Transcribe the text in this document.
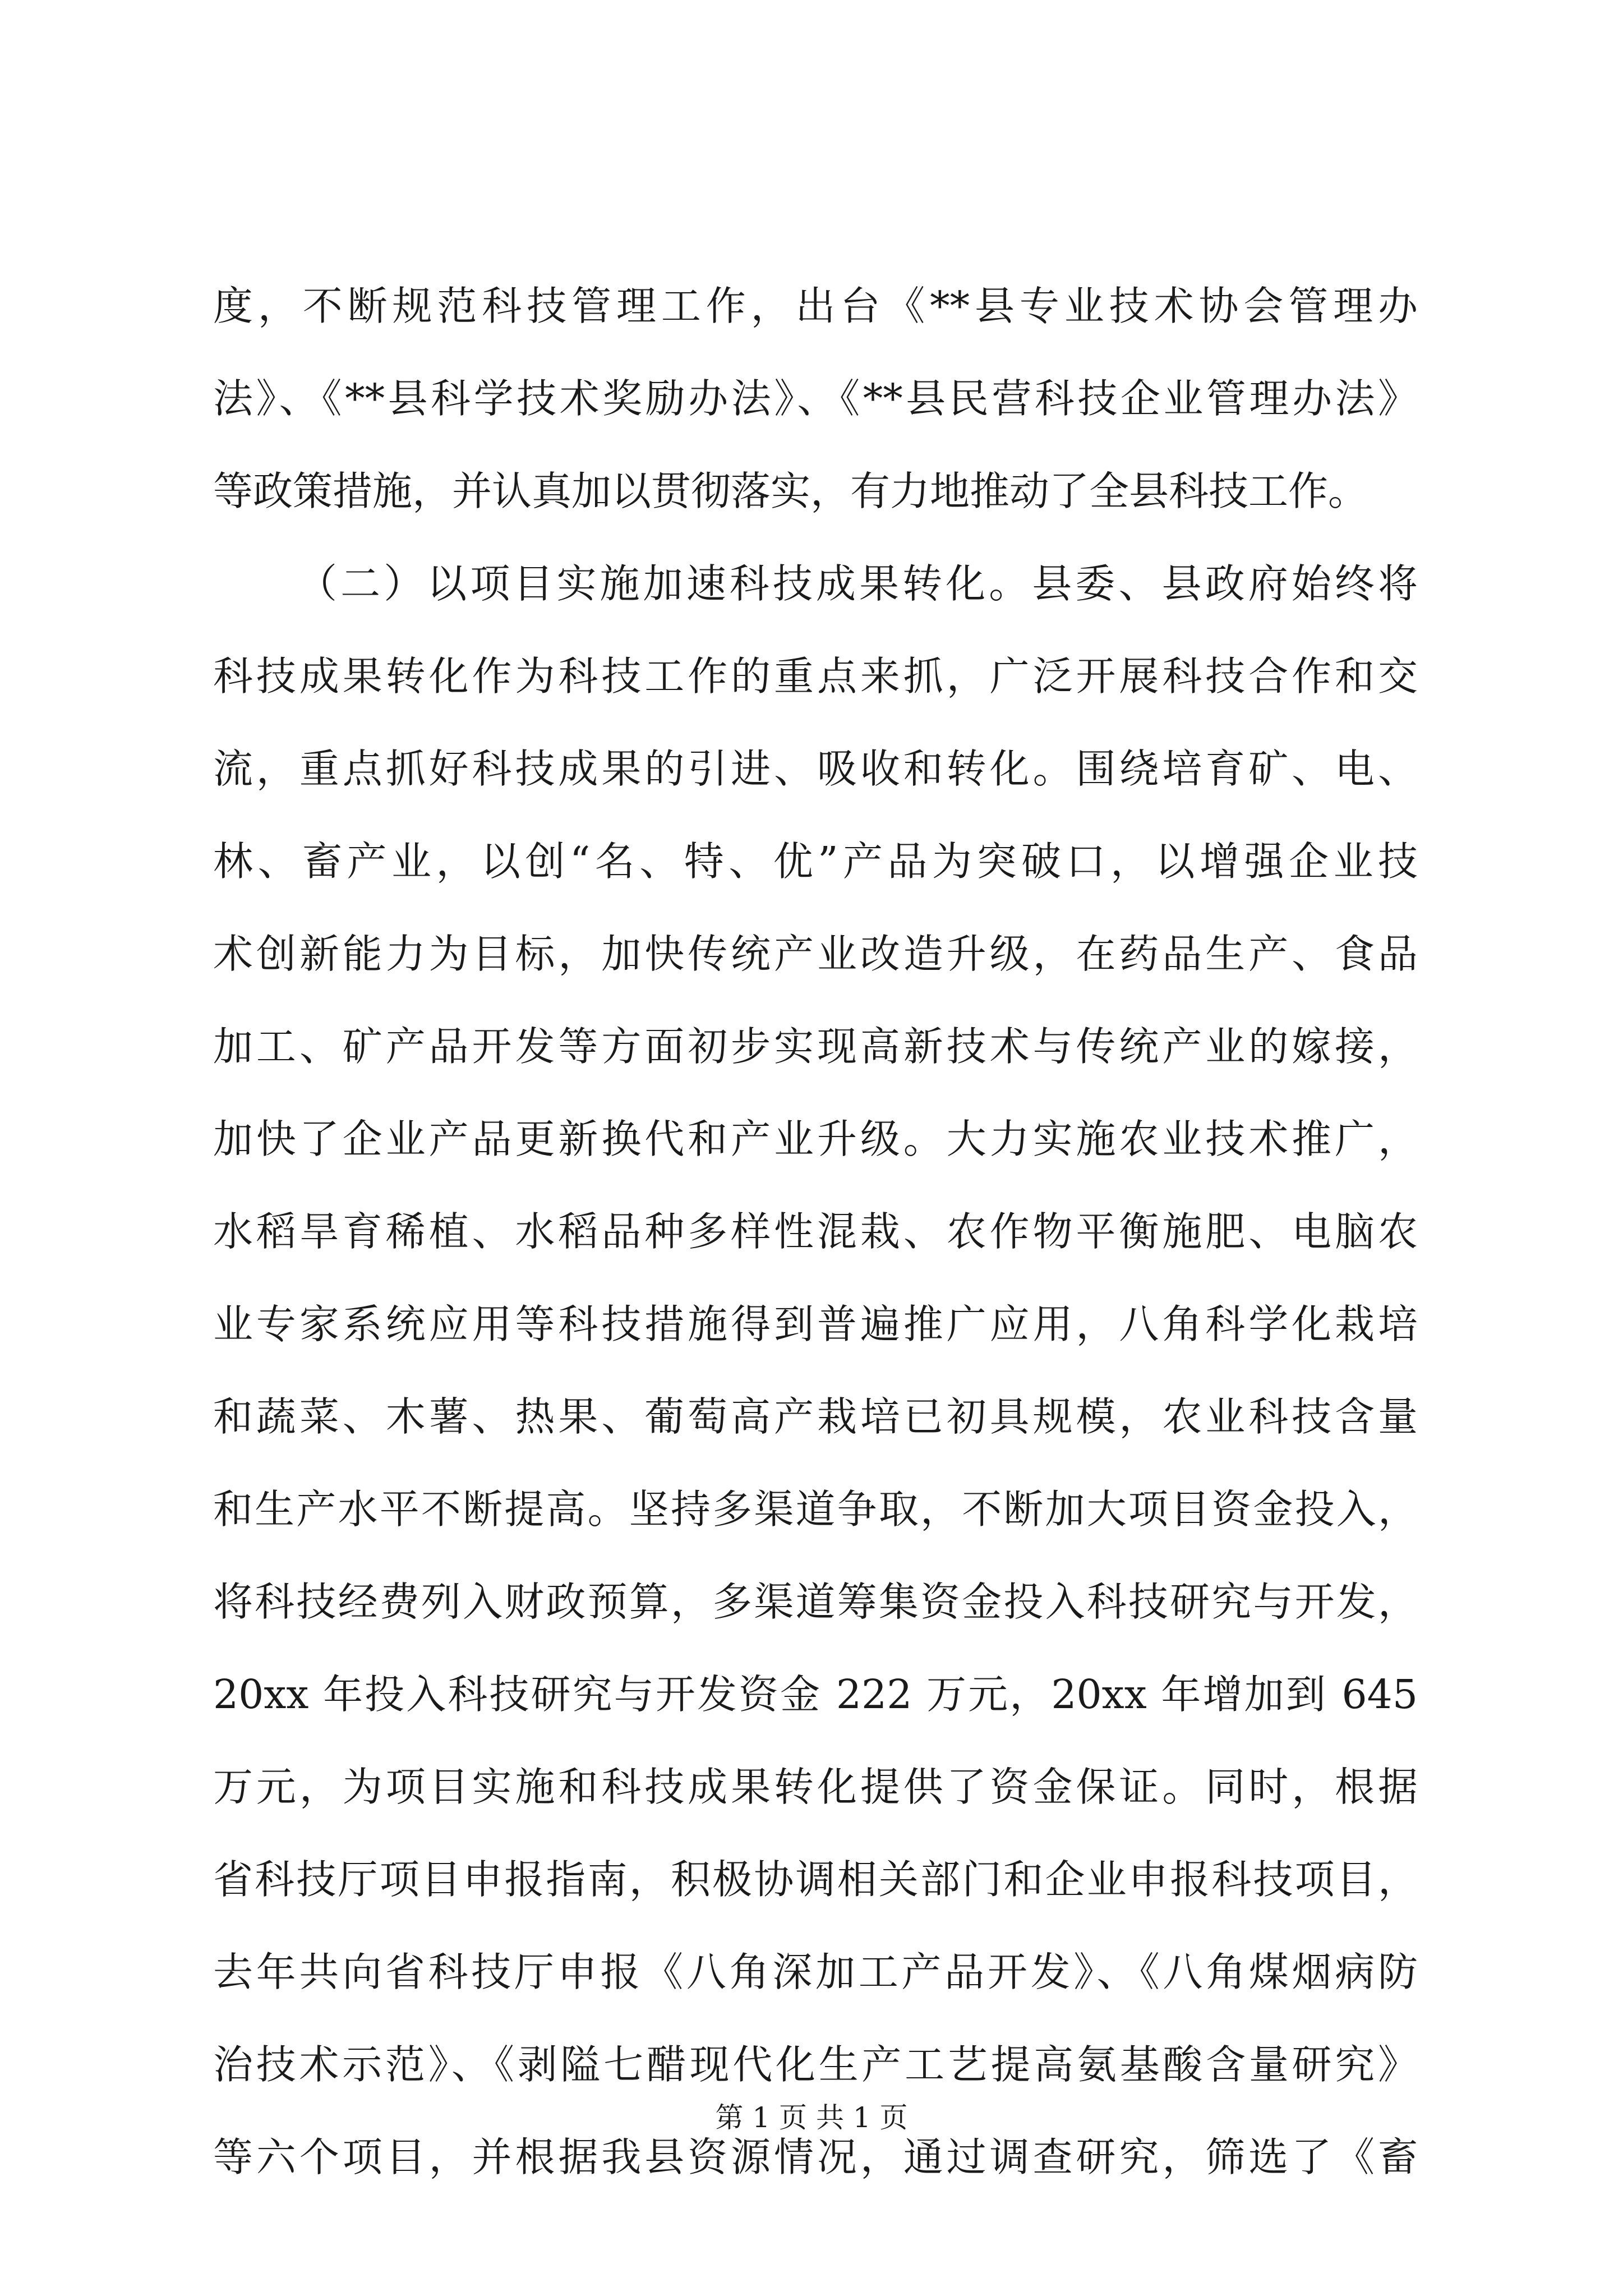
度，不断规范科技管理工作，出台《**县专业技术协会管理办
法》、《**县科学技术奖励办法》、《**县民营科技企业管理办法》
等政策措施，并认真加以贯彻落实，有力地推动了全县科技工作。
（二）以项目实施加速科技成果转化。县委、县政府始终将
科技成果转化作为科技工作的重点来抓，广泛开展科技合作和交
流，重点抓好科技成果的引进、吸收和转化。围绕培育矿、电、
林、畜产业，以创“名、特、优”产品为突破口，以增强企业技
术创新能力为目标，加快传统产业改造升级，在药品生产、食品
加工、矿产品开发等方面初步实现高新技术与传统产业的嫁接，
加快了企业产品更新换代和产业升级。大力实施农业技术推广，
水稻旱育稀植、水稻品种多样性混栽、农作物平衡施肥、电脑农
业专家系统应用等科技措施得到普遍推广应用，八角科学化栽培
和蔬菜、木薯、热果、葡萄高产栽培已初具规模，农业科技含量
和生产水平不断提高。坚持多渠道争取，不断加大项目资金投入，
将科技经费列入财政预算，多渠道筹集资金投入科技研究与开发，
20xx 年投入科技研究与开发资金 222 万元，20xx 年增加到 645
万元，为项目实施和科技成果转化提供了资金保证。同时，根据
省科技厅项目申报指南，积极协调相关部门和企业申报科技项目，
去年共向省科技厅申报《八角深加工产品开发》、《八角煤烟病防
治技术示范》、《剥隘七醋现代化生产工艺提高氨基酸含量研究》
等六个项目，并根据我县资源情况，通过调查研究，筛选了《畜
第 1 页 共 1 页
